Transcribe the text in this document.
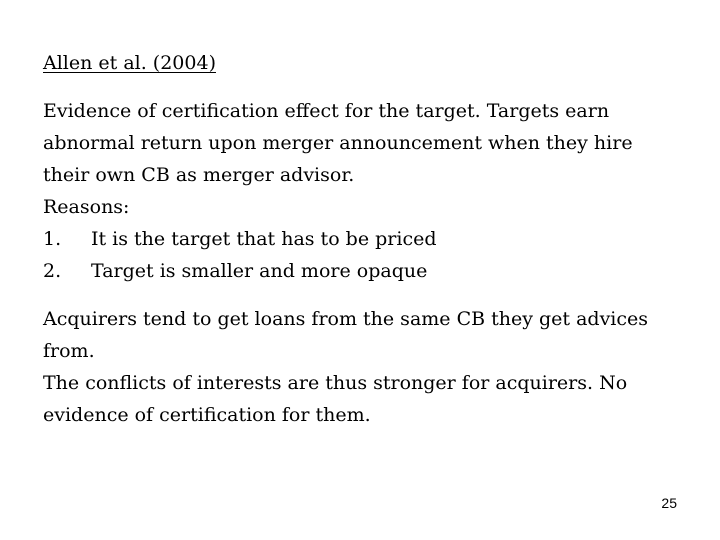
Allen et al. (2004)

Evidence of certification effect for the target. Targets earn

abnormal return upon merger announcement when they hire

their own CB as merger advisor.

Reasons:

1.	It is the target that has to be priced
2.	Target is smaller and more opaque

Acquirers tend to get loans from the same CB they get advices

from.

The conflicts of interests are thus stronger for acquirers. No

evidence of certification for them.

25
